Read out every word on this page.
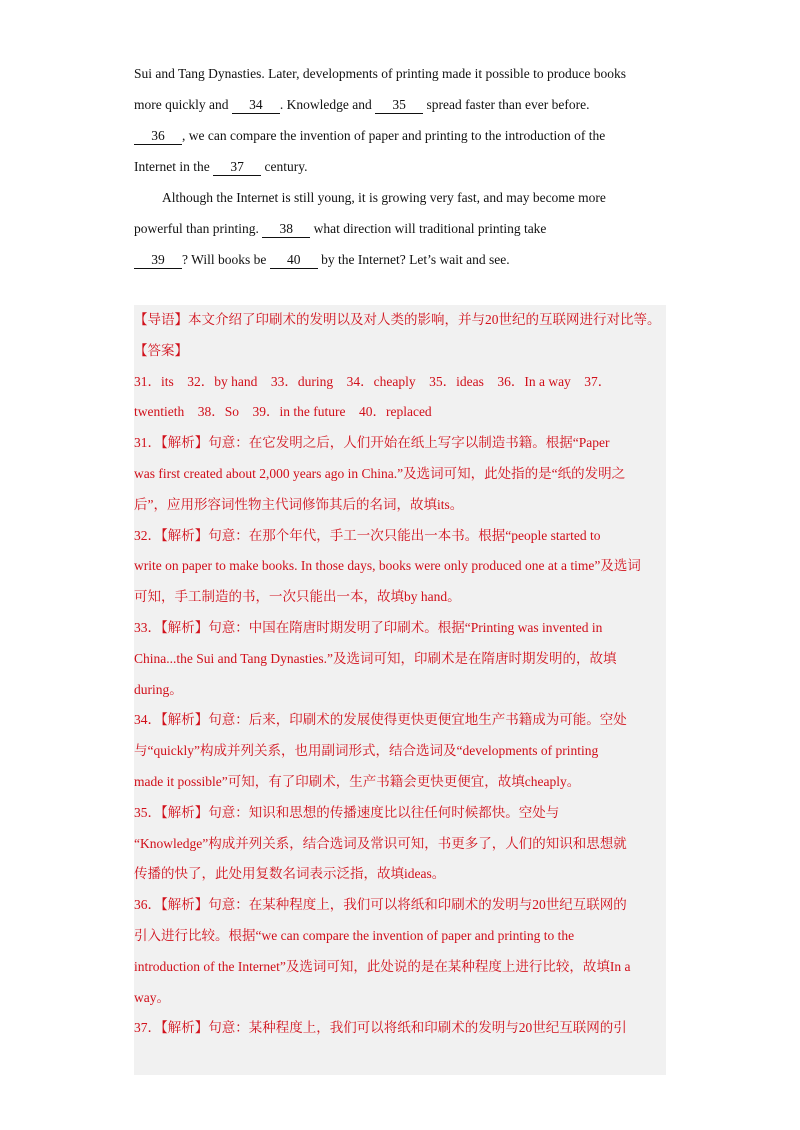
Sui and Tang Dynasties. Later, developments of printing made it possible to produce books

more quickly and 34 . Knowledge and 35 spread faster than ever before.

36 , we can compare the invention of paper and printing to the introduction of the

Internet in the 37 century.

Although the Internet is still young, it is growing very fast, and may become more

powerful than printing. 38 what direction will traditional printing take

39 ? Will books be 40 by the Internet? Let’s wait and see.

【导语】本文介绍了印刷术的发明以及对人类的影响，并与20世纪的互联网进行对比等。

【答案】

31．its　32．by hand　33．during　34．cheaply　35．ideas　36．In a way　37．

twentieth　38．So　39．in the future　40．replaced

31．【解析】句意：在它发明之后，人们开始在纸上写字以制造书籍。根据“Paper

was first created about 2,000 years ago in China.”及选词可知，此处指的是“纸的发明之

后”，应用形容词性物主代词修饰其后的名词，故填its。

32．【解析】句意：在那个年代，手工一次只能出一本书。根据“people started to

write on paper to make books. In those days, books were only produced one at a time”及选词

可知，手工制造的书，一次只能出一本，故填by hand。

33．【解析】句意：中国在隋唐时期发明了印刷术。根据“Printing was invented in

China...the Sui and Tang Dynasties.”及选词可知，印刷术是在隋唐时期发明的，故填

during。

34．【解析】句意：后来，印刷术的发展使得更快更便宜地生产书籍成为可能。空处

与“quickly”构成并列关系，也用副词形式，结合选词及“developments of printing

made it possible”可知，有了印刷术，生产书籍会更快更便宜，故填cheaply。

35．【解析】句意：知识和思想的传播速度比以往任何时候都快。空处与

“Knowledge”构成并列关系，结合选词及常识可知，书更多了，人们的知识和思想就

传播的快了，此处用复数名词表示泛指，故填ideas。

36．【解析】句意：在某种程度上，我们可以将纸和印刷术的发明与20世纪互联网的

引入进行比较。根据“we can compare the invention of paper and printing to the

introduction of the Internet”及选词可知，此处说的是在某种程度上进行比较，故填In a

way。

37．【解析】句意：某种程度上，我们可以将纸和印刷术的发明与20世纪互联网的引
